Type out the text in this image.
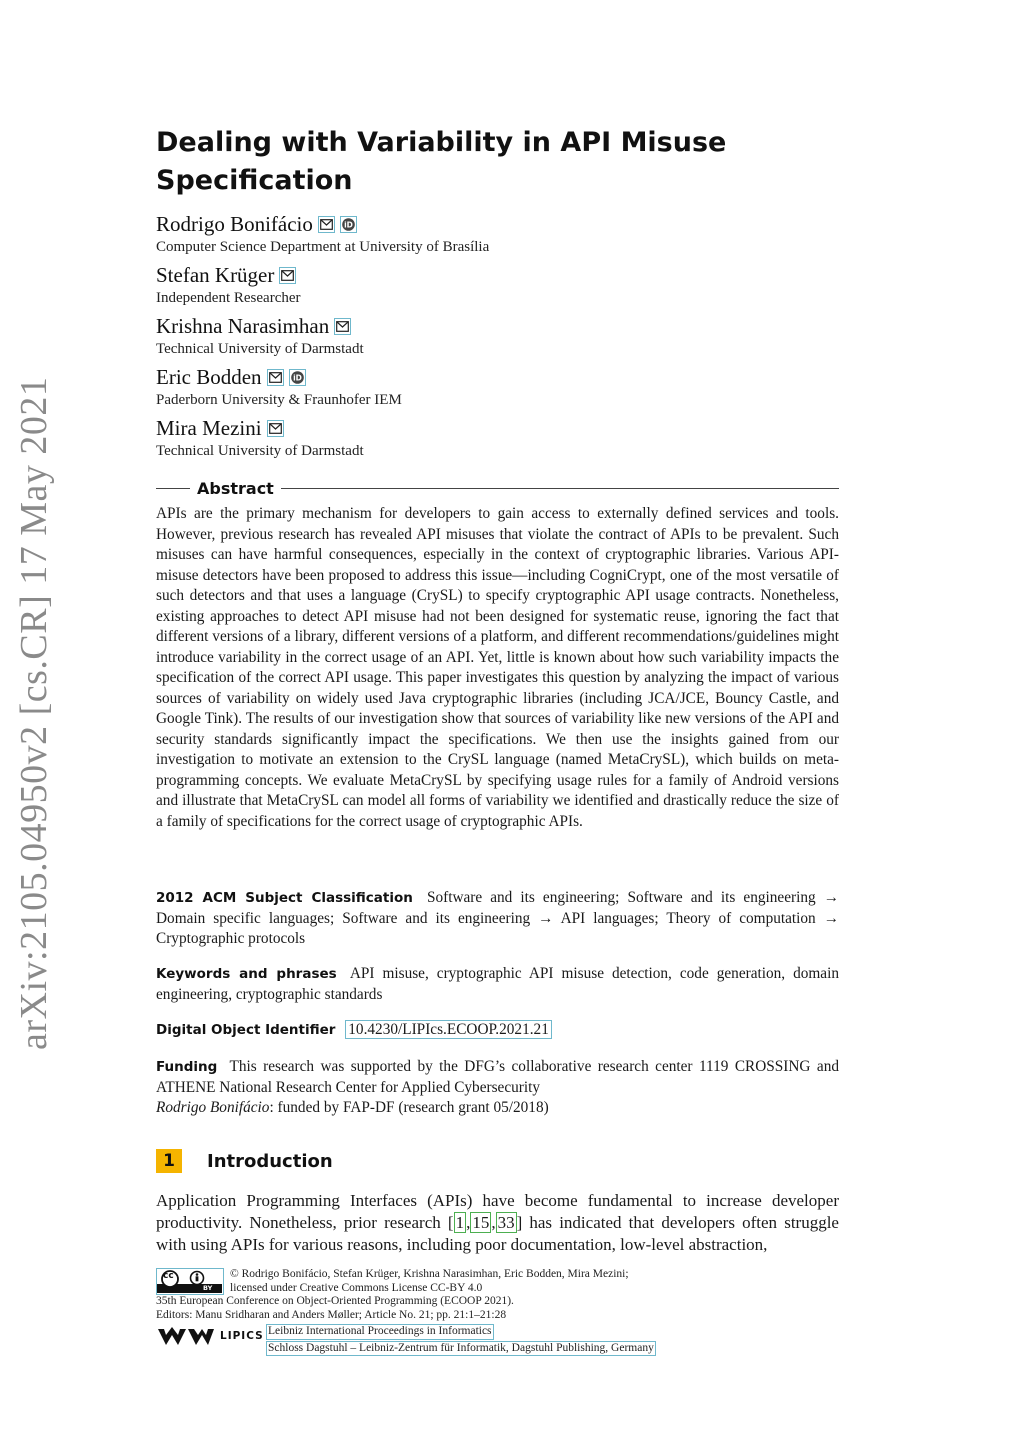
arXiv:2105.04950v2 [cs.CR] 17 May 2021
Dealing with Variability in API Misuse
Specification
Rodrigo Bonifácio	iD
Computer Science Department at University of Brasília
Stefan Krüger
Independent Researcher
Krishna Narasimhan
Technical University of Darmstadt
Eric Bodden	iD
Paderborn University & Fraunhofer IEM
Mira Mezini
Technical University of Darmstadt
Abstract

APIs are the primary mechanism for developers to gain access to externally defined services and tools. However, previous research has revealed API misuses that violate the contract of APIs to be prevalent. Such misuses can have harmful consequences, especially in the context of cryptographic libraries. Various API-misuse detectors have been proposed to address this issue—including CogniCrypt, one of the most versatile of such detectors and that uses a language (CrySL) to specify cryptographic API usage contracts. Nonetheless, existing approaches to detect API misuse had not been designed for systematic reuse, ignoring the fact that different versions of a library, different versions of a platform, and different recommendations/guidelines might introduce variability in the correct usage of an API. Yet, little is known about how such variability impacts the specification of the correct API usage. This paper investigates this question by analyzing the impact of various sources of variability on widely used Java cryptographic libraries (including JCA/JCE, Bouncy Castle, and Google Tink). The results of our investigation show that sources of variability like new versions of the API and security standards significantly impact the specifications. We then use the insights gained from our investigation to motivate an extension to the CrySL language (named MetaCrySL), which builds on meta-programming concepts. We evaluate MetaCrySL by specifying usage rules for a family of Android versions and illustrate that MetaCrySL can model all forms of variability we identified and drastically reduce the size of a family of specifications for the correct usage of cryptographic APIs.

2012 ACM Subject Classification Software and its engineering; Software and its engineering → Domain specific languages; Software and its engineering → API languages; Theory of computation → Cryptographic protocols
Keywords and phrases API misuse, cryptographic API misuse detection, code generation, domain engineering, cryptographic standards
Digital Object Identifier 10.4230/LIPIcs.ECOOP.2021.21
Funding This research was supported by the DFG’s collaborative research center 1119 CROSSING and ATHENE National Research Center for Applied Cybersecurity
Rodrigo Bonifácio: funded by FAP-DF (research grant 05/2018)
1	Introduction

Application Programming Interfaces (APIs) have become fundamental to increase developer productivity. Nonetheless, prior research [ 1 , 15 , 33 ] has indicated that developers often struggle with using APIs for various reasons, including poor documentation, low-level abstraction,

cc
BY
© Rodrigo Bonifácio, Stefan Krüger, Krishna Narasimhan, Eric Bodden, Mira Mezini;
licensed under Creative Commons License CC-BY 4.0
35th European Conference on Object-Oriented Programming (ECOOP 2021).
Editors: Manu Sridharan and Anders Møller; Article No. 21; pp. 21:1–21:28
LIPICS Leibniz International Proceedings in Informatics
Schloss Dagstuhl – Leibniz-Zentrum für Informatik, Dagstuhl Publishing, Germany
